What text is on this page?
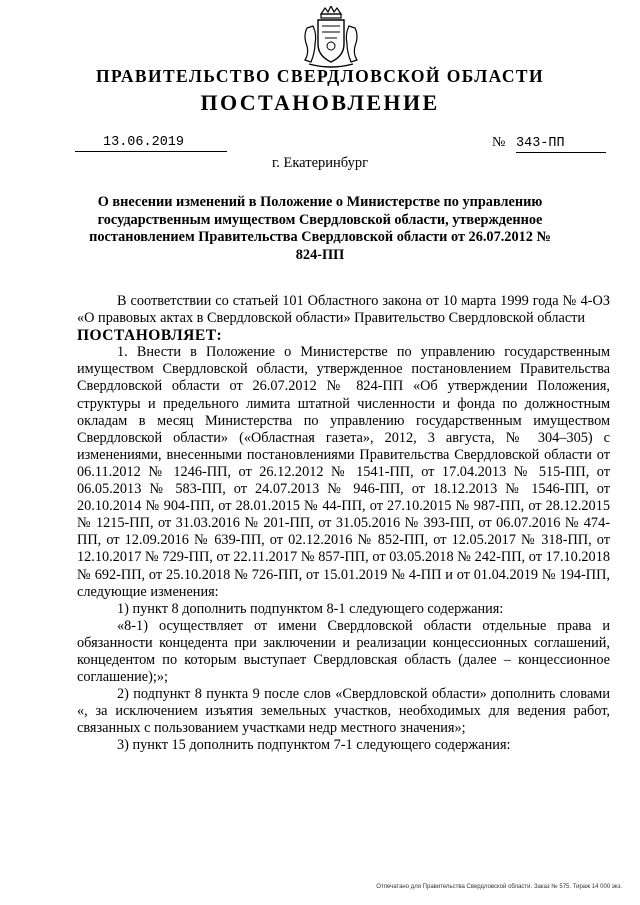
ПРАВИТЕЛЬСТВО СВЕРДЛОВСКОЙ ОБЛАСТИ
ПОСТАНОВЛЕНИЕ
13.06.2019	№ 343-ПП
г. Екатеринбург
О внесении изменений в Положение о Министерстве по управлению государственным имуществом Свердловской области, утвержденное постановлением Правительства Свердловской области от 26.07.2012 № 824-ПП

В соответствии со статьей 101 Областного закона от 10 марта 1999 года № 4-ОЗ «О правовых актах в Свердловской области» Правительство Свердловской области

ПОСТАНОВЛЯЕТ:

1. Внести в Положение о Министерстве по управлению государственным имуществом Свердловской области, утвержденное постановлением Правительства Свердловской области от 26.07.2012 № 824-ПП «Об утверждении Положения, структуры и предельного лимита штатной численности и фонда по должностным окладам в месяц Министерства по управлению государственным имуществом Свердловской области» («Областная газета», 2012, 3 августа, № 304–305) с изменениями, внесенными постановлениями Правительства Свердловской области от 06.11.2012 № 1246-ПП, от 26.12.2012 № 1541-ПП, от 17.04.2013 № 515-ПП, от 06.05.2013 № 583-ПП, от 24.07.2013 № 946-ПП, от 18.12.2013 № 1546-ПП, от 20.10.2014 № 904-ПП, от 28.01.2015 № 44-ПП, от 27.10.2015 № 987-ПП, от 28.12.2015 № 1215-ПП, от 31.03.2016 № 201-ПП, от 31.05.2016 № 393-ПП, от 06.07.2016 № 474-ПП, от 12.09.2016 № 639-ПП, от 02.12.2016 № 852-ПП, от 12.05.2017 № 318-ПП, от 12.10.2017 № 729-ПП, от 22.11.2017 № 857-ПП, от 03.05.2018 № 242-ПП, от 17.10.2018 № 692-ПП, от 25.10.2018 № 726-ПП, от 15.01.2019 № 4-ПП и от 01.04.2019 № 194-ПП, следующие изменения:

1) пункт 8 дополнить подпунктом 8-1 следующего содержания:

«8-1) осуществляет от имени Свердловской области отдельные права и обязанности концедента при заключении и реализации концессионных соглашений, концедентом по которым выступает Свердловская область (далее – концессионное соглашение);»;

2) подпункт 8 пункта 9 после слов «Свердловской области» дополнить словами «, за исключением изъятия земельных участков, необходимых для ведения работ, связанных с пользованием участками недр местного значения»;

3) пункт 15 дополнить подпунктом 7-1 следующего содержания:

Отпечатано для Правительства Свердловской области. Заказ № 575. Тираж 14 000 экз.
